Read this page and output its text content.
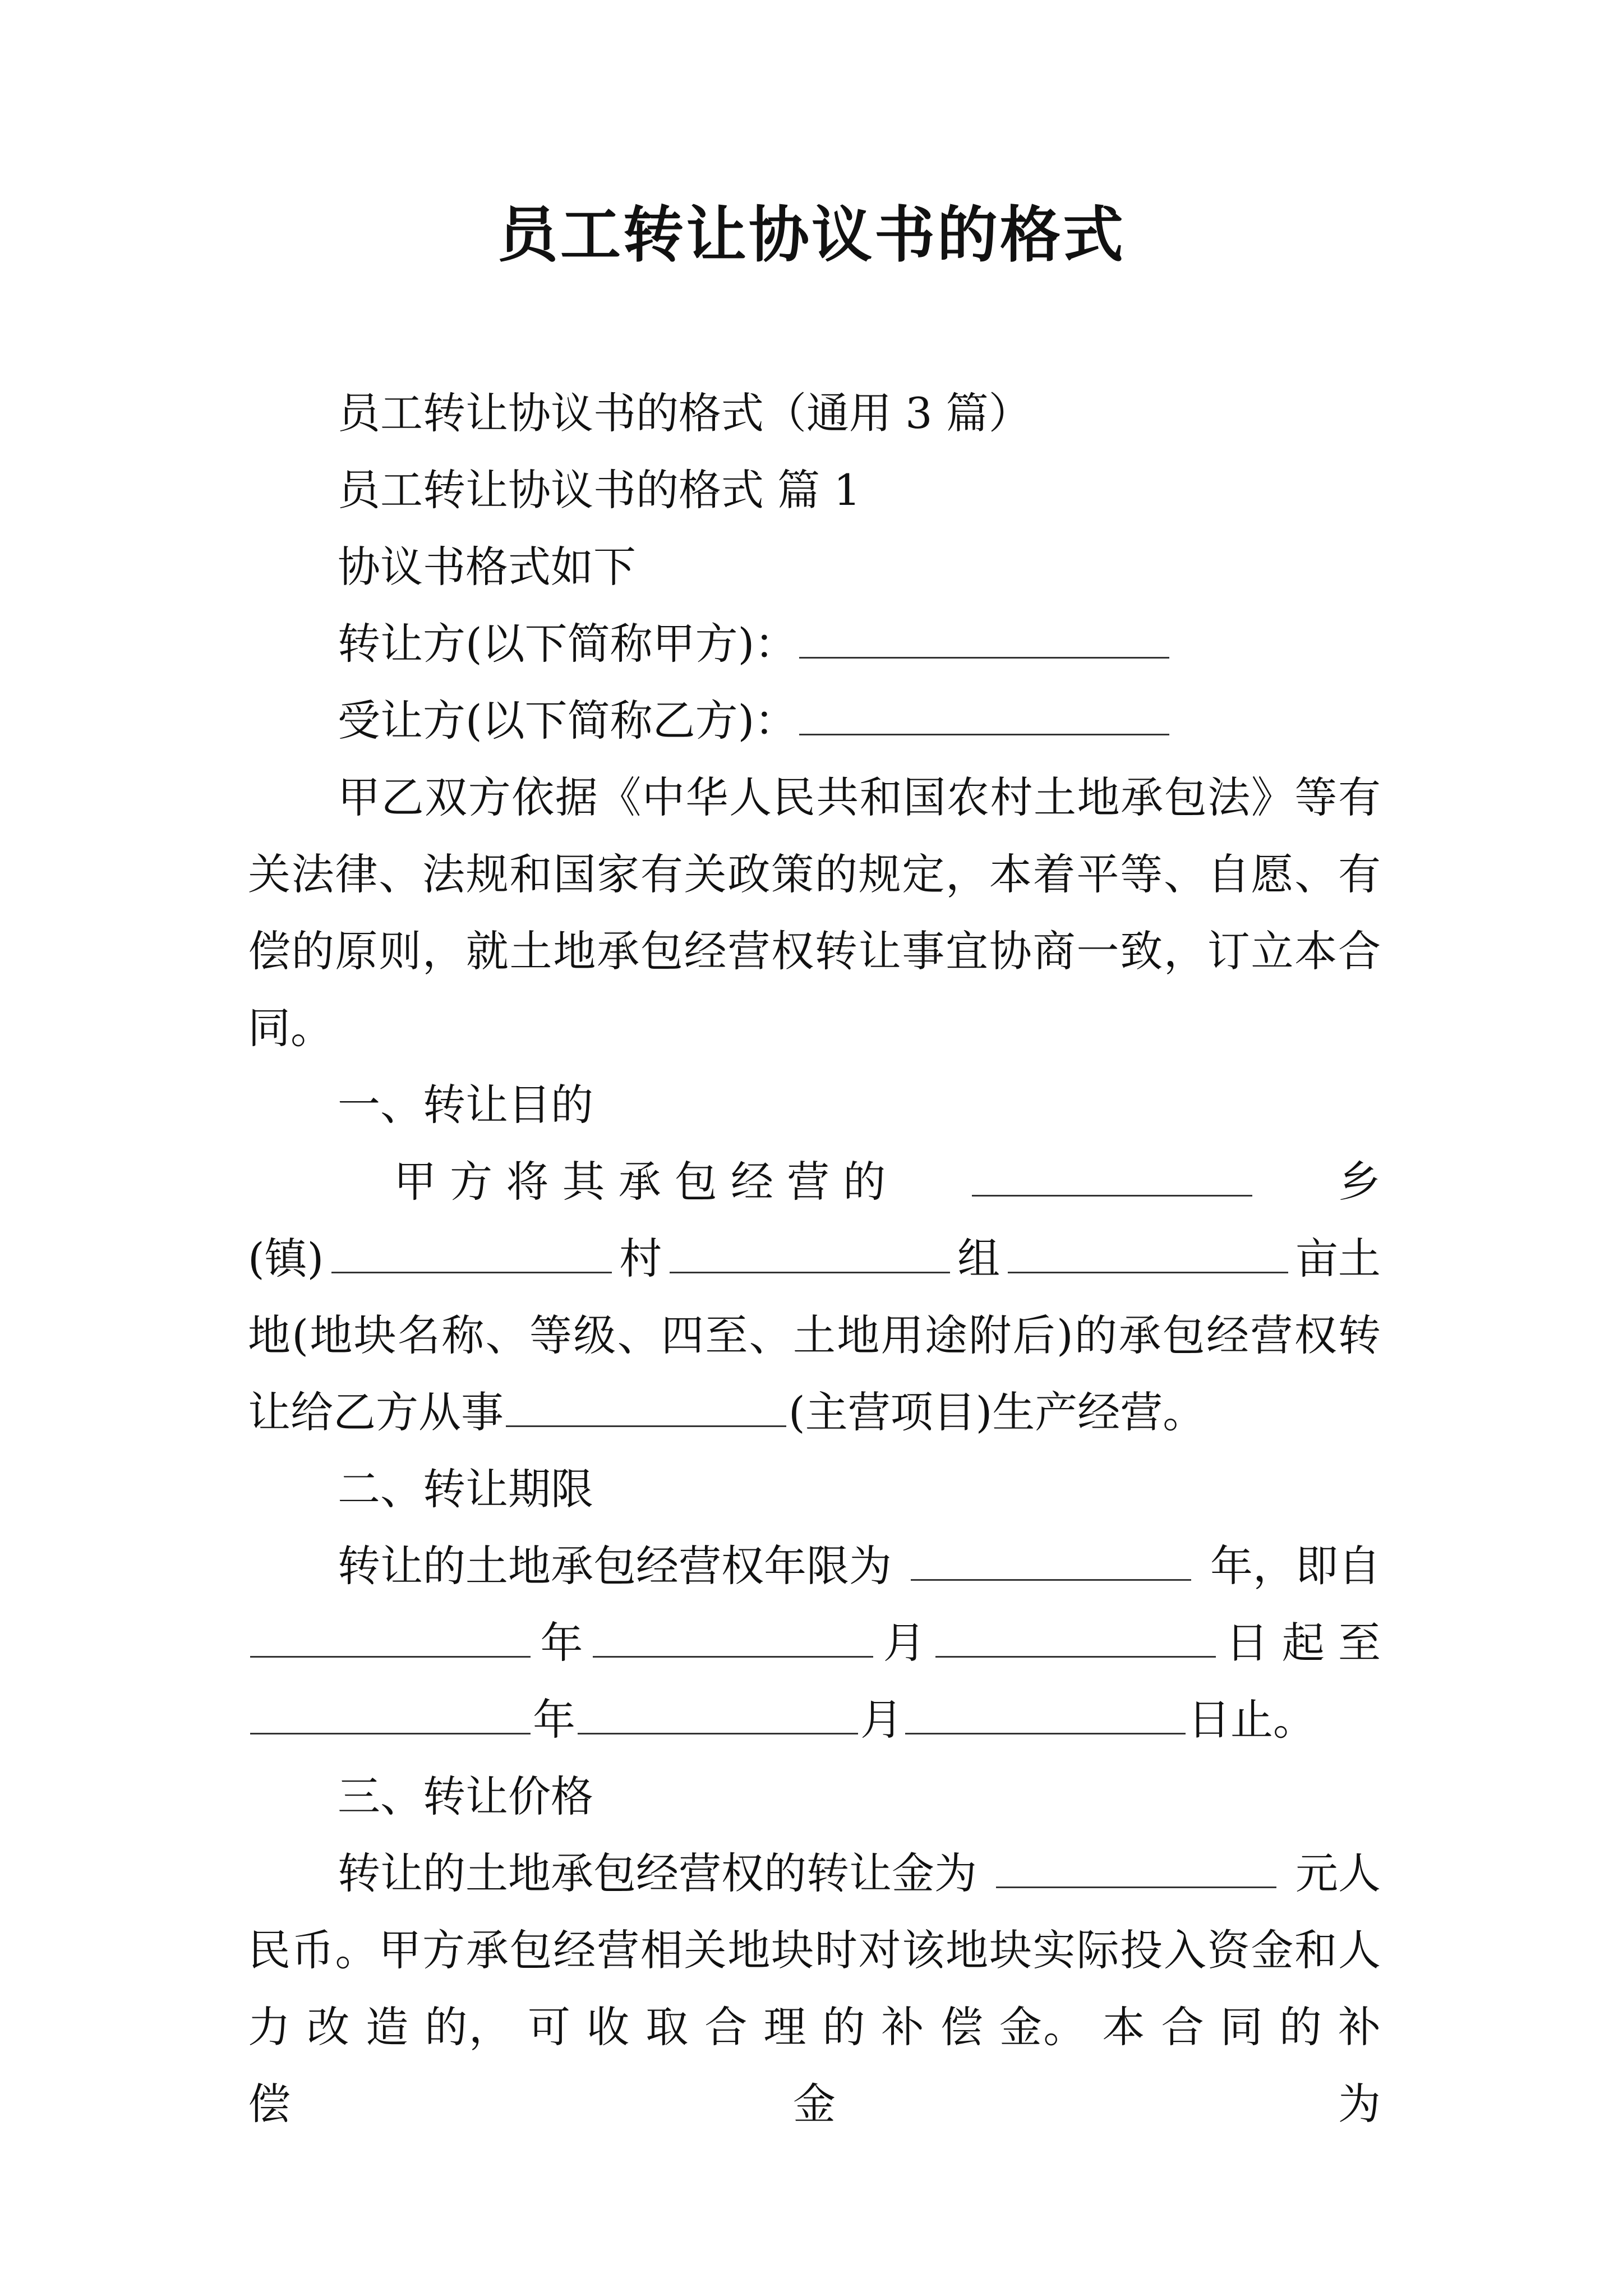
员工转让协议书的格式
员工转让协议书的格式（通用 3 篇）
员工转让协议书的格式 篇 1
协议书格式如下
转让方(以下简称甲方)：
受让方(以下简称乙方)：
甲乙双方依据《中华人民共和国农村土地承包法》等有
关法律、法规和国家有关政策的规定，本着平等、自愿、有
偿的原则，就土地承包经营权转让事宜协商一致，订立本合
同。
一、转让目的
甲 方 将 其 承 包 经 营 的	乡
(镇)	村	组	亩土
地(地块名称、等级、四至、土地用途附后)的承包经营权转
让给乙方从事	(主营项目)生产经营。
二、转让期限
转让的土地承包经营权年限为	年，即自
年	月	日 起 至
年	月	日止。
三、转让价格
转让的土地承包经营权的转让金为	元人
民币。甲方承包经营相关地块时对该地块实际投入资金和人
力 改 造 的， 可 收 取 合 理 的 补 偿 金。 本 合 同 的 补 偿 金 为
